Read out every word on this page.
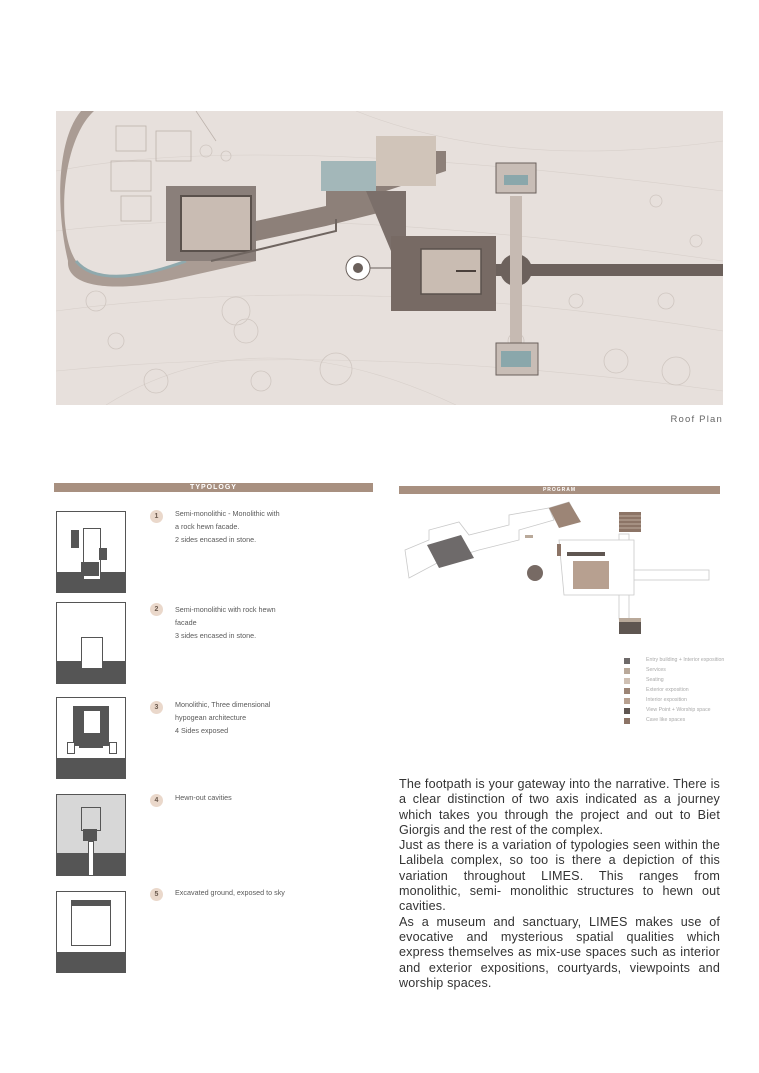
Roof Plan
TYPOLOGY
1	Semi-monolithic - Monolithic with
a rock hewn facade.
2 sides encased in stone.
2	Semi-monolithic with rock hewn
facade
3 sides encased in stone.
3	Monolithic, Three dimensional
hypogean architecture
4 Sides exposed
4	Hewn-out cavities
5	Excavated ground, exposed to sky
PROGRAM
Entry building + Interior exposition
Services
Seating
Exterior exposition
Interior exposition
View Point + Worship space
Cave like spaces

The footpath is your gateway into the narrative. There is a clear distinction of two axis indicated as a journey which takes you through the project and out to Biet Giorgis and the rest of the complex.

Just as there is a variation of typologies seen within the Lalibela complex, so too is there a depiction of this variation throughout LIMES. This ranges from monolithic, semi- monolithic structures to hewn out cavities.

As a museum and sanctuary, LIMES makes use of evocative and mysterious spatial qualities which express themselves as mix-use spaces such as interior and exterior expositions, courtyards, viewpoints and worship spaces.
